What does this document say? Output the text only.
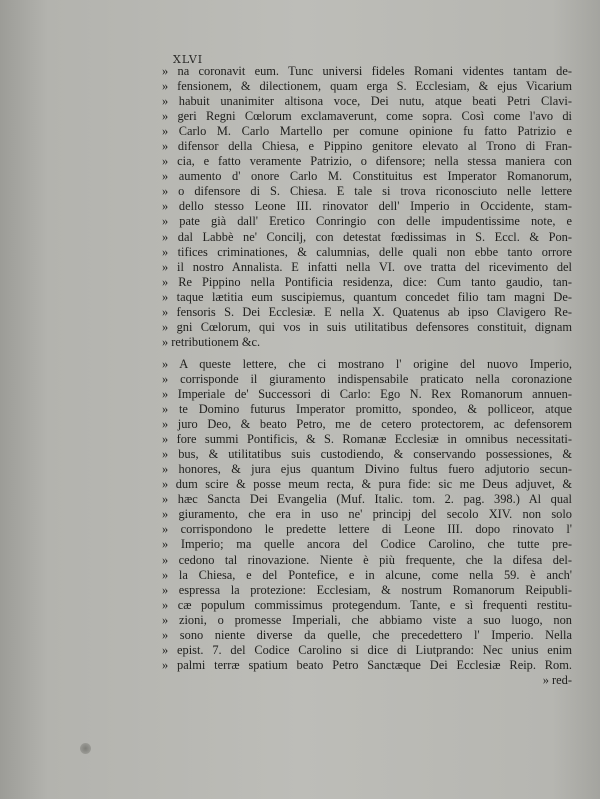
XLVI
» na coronavit eum. Tunc universi fideles Romani videntes tantam de-
» fensionem, & dilectionem, quam erga S. Ecclesiam, & ejus Vicarium
» habuit unanimiter altisona voce, Dei nutu, atque beati Petri Clavi-
» geri Regni Cœlorum exclamaverunt, come sopra. Così come l'avo di
» Carlo M. Carlo Martello per comune opinione fu fatto Patrizio e
» difensor della Chiesa, e Pippino genitore elevato al Trono di Fran-
» cia, e fatto veramente Patrizio, o difensore; nella stessa maniera con
» aumento d' onore Carlo M. Constituitus est Imperator Romanorum,
» o difensore di S. Chiesa. E tale si trova riconosciuto nelle lettere
» dello stesso Leone III. rinovator dell' Imperio in Occidente, stam-
» pate già dall' Eretico Conringio con delle impudentissime note, e
» dal Labbè ne' Concilj, con detestat fœdissimas in S. Eccl. & Pon-
» tifices criminationes, & calumnias, delle quali non ebbe tanto orrore
» il nostro Annalista. E infatti nella VI. ove tratta del ricevimento del
» Re Pippino nella Pontificia residenza, dice: Cum tanto gaudio, tan-
» taque lætitia eum suscipiemus, quantum concedet filio tam magni De-
» fensoris S. Dei Ecclesiæ. E nella X. Quatenus ab ipso Clavigero Re-
» gni Cœlorum, qui vos in suis utilitatibus defensores constituit, dignam
» retributionem &c.
» A queste lettere, che ci mostrano l' origine del nuovo Imperio,
» corrisponde il giuramento indispensabile praticato nella coronazione
» Imperiale de' Successori di Carlo: Ego N. Rex Romanorum annuen-
» te Domino futurus Imperator promitto, spondeo, & polliceor, atque
» juro Deo, & beato Petro, me de cetero protectorem, ac defensorem
» fore summi Pontificis, & S. Romanæ Ecclesiæ in omnibus necessitati-
» bus, & utilitatibus suis custodiendo, & conservando possessiones, &
» honores, & jura ejus quantum Divino fultus fuero adjutorio secun-
» dum scire & posse meum recta, & pura fide: sic me Deus adjuvet, &
» hæc Sancta Dei Evangelia (Muf. Italic. tom. 2. pag. 398.) Al qual
» giuramento, che era in uso ne' principj del secolo XIV. non solo
» corrispondono le predette lettere di Leone III. dopo rinovato l'
» Imperio; ma quelle ancora del Codice Carolino, che tutte pre-
» cedono tal rinovazione. Niente è più frequente, che la difesa del-
» la Chiesa, e del Pontefice, e in alcune, come nella 59. è anch'
» espressa la protezione: Ecclesiam, & nostrum Romanorum Reipubli-
» cæ populum commissimus protegendum. Tante, e sì frequenti restitu-
» zioni, o promesse Imperiali, che abbiamo viste a suo luogo, non
» sono niente diverse da quelle, che precedettero l' Imperio. Nella
» epist. 7. del Codice Carolino si dice di Liutprando: Nec unius enim
» palmi terræ spatium beato Petro Sanctæque Dei Ecclesiæ Reip. Rom.
» red-
